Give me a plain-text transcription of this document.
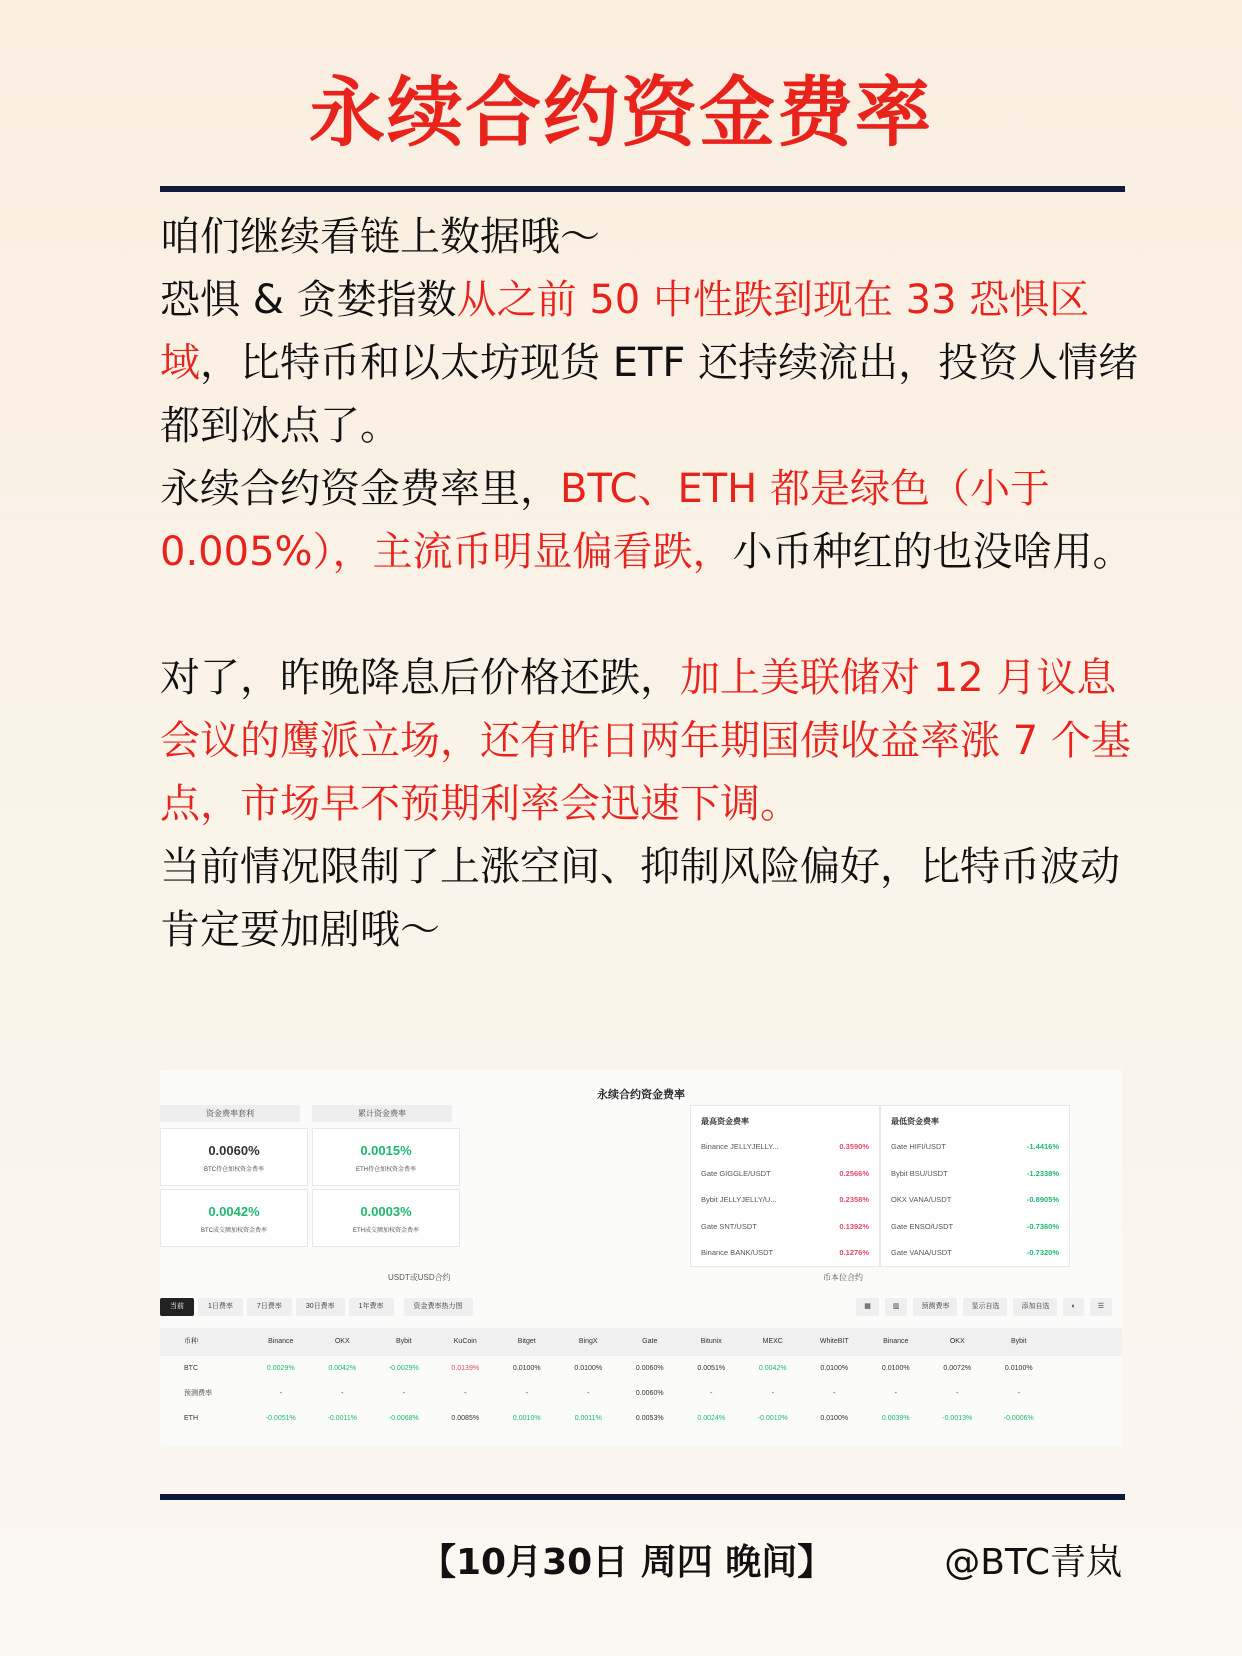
永续合约资金费率

咱们继续看链上数据哦～

恐惧 & 贪婪指数从之前 50 中性跌到现在 33 恐惧区域，比特币和以太坊现货 ETF 还持续流出，投资人情绪都到冰点了。

永续合约资金费率里，BTC、ETH 都是绿色（小于 0.005%），主流币明显偏看跌，小币种红的也没啥用。

对了，昨晚降息后价格还跌，加上美联储对 12 月议息会议的鹰派立场，还有昨日两年期国债收益率涨 7 个基点，市场早不预期利率会迅速下调。

当前情况限制了上涨空间、抑制风险偏好，比特币波动肯定要加剧哦～

永续合约资金费率
资金费率套利	累计资金费率
0.0060%
BTC持仓加权资金费率
0.0015%
ETH持仓加权资金费率
0.0042%
BTC成交额加权资金费率
0.0003%
ETH成交额加权资金费率
最高资金费率
Binance JELLYJELLY...	0.3590%
Gate GIGGLE/USDT	0.2566%
Bybit JELLYJELLY/U...	0.2358%
Gate SNT/USDT	0.1392%
Binance BANK/USDT	0.1276%
最低资金费率
Gate HIFI/USDT	-1.4416%
Bybit BSU/USDT	-1.2338%
OKX VANA/USDT	-0.8905%
Gate ENSO/USDT	-0.7360%
Gate VANA/USDT	-0.7320%
USDT或USD合约	币本位合约
当前	1日费率	7日费率	30日费率	1年费率	资金费率热力图	▦	▥	预测费率	显示自选	添加自选	◐	☰
币种	Binance	OKX	Bybit	KuCoin	Bitget	BingX	Gate	Bitunix	MEXC	WhiteBIT	Binance	OKX	Bybit
BTC	0.0029%	0.0042%	-0.0029%	0.0139%	0.0100%	0.0100%	0.0060%	0.0051%	0.0042%	0.0100%	0.0100%	0.0072%	0.0100%
预测费率	-	-	-	-	-	-	0.0060%	-	-	-	-	-	-
ETH	-0.0051%	-0.0011%	-0.0068%	0.0085%	0.0010%	0.0011%	0.0053%	0.0024%	-0.0010%	0.0100%	0.0039%	-0.0013%	-0.0006%
【10月30日 周四 晚间】	@BTC青岚
